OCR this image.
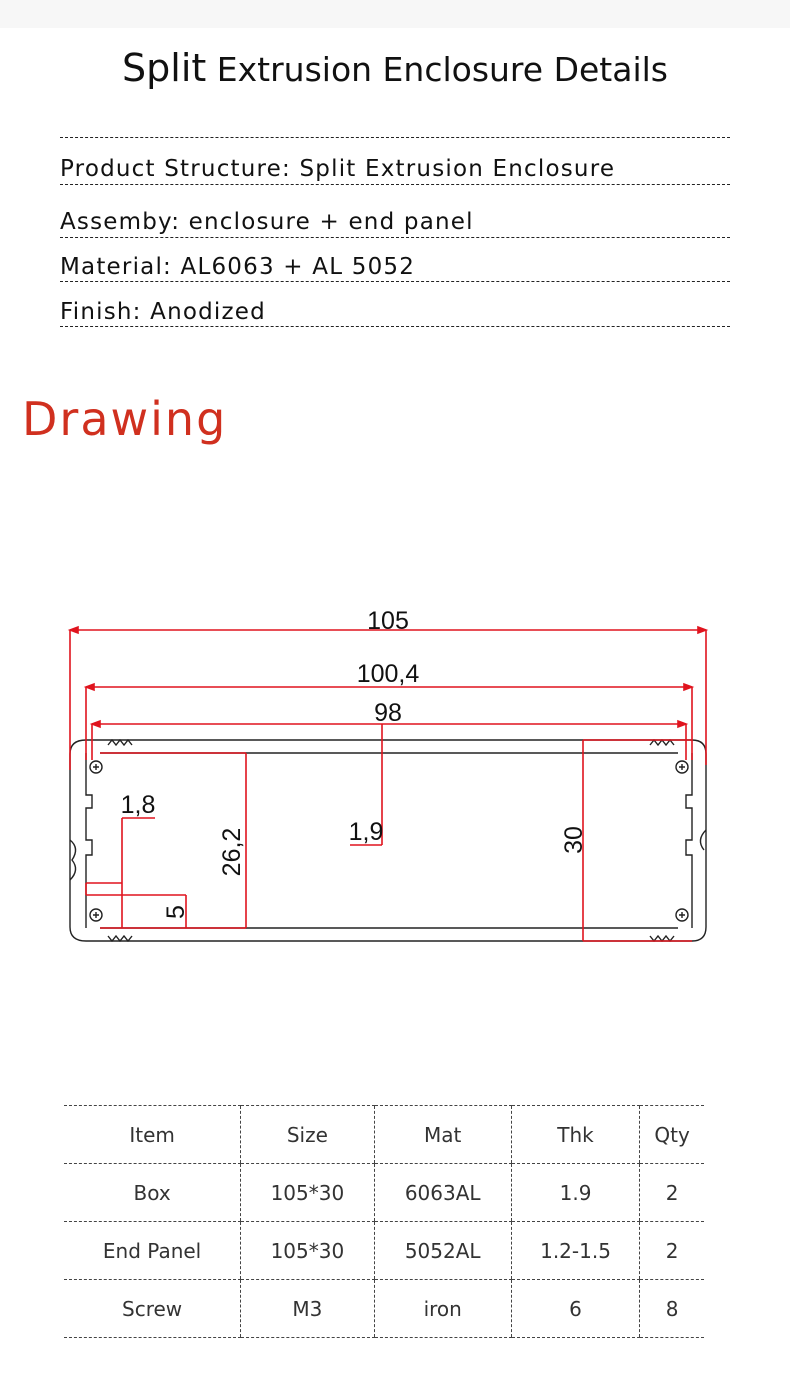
Split Extrusion Enclosure Details
Product Structure: Split Extrusion Enclosure
Assemby: enclosure + end panel
Material: AL6063 + AL 5052
Finish: Anodized
Drawing
105
100,4
98
1,9
1,8
5
26,2	30
Item	Size	Mat	Thk	Qty
Box	105*30	6063AL	1.9	2
End Panel	105*30	5052AL	1.2-1.5	2
Screw	M3	iron	6	8
